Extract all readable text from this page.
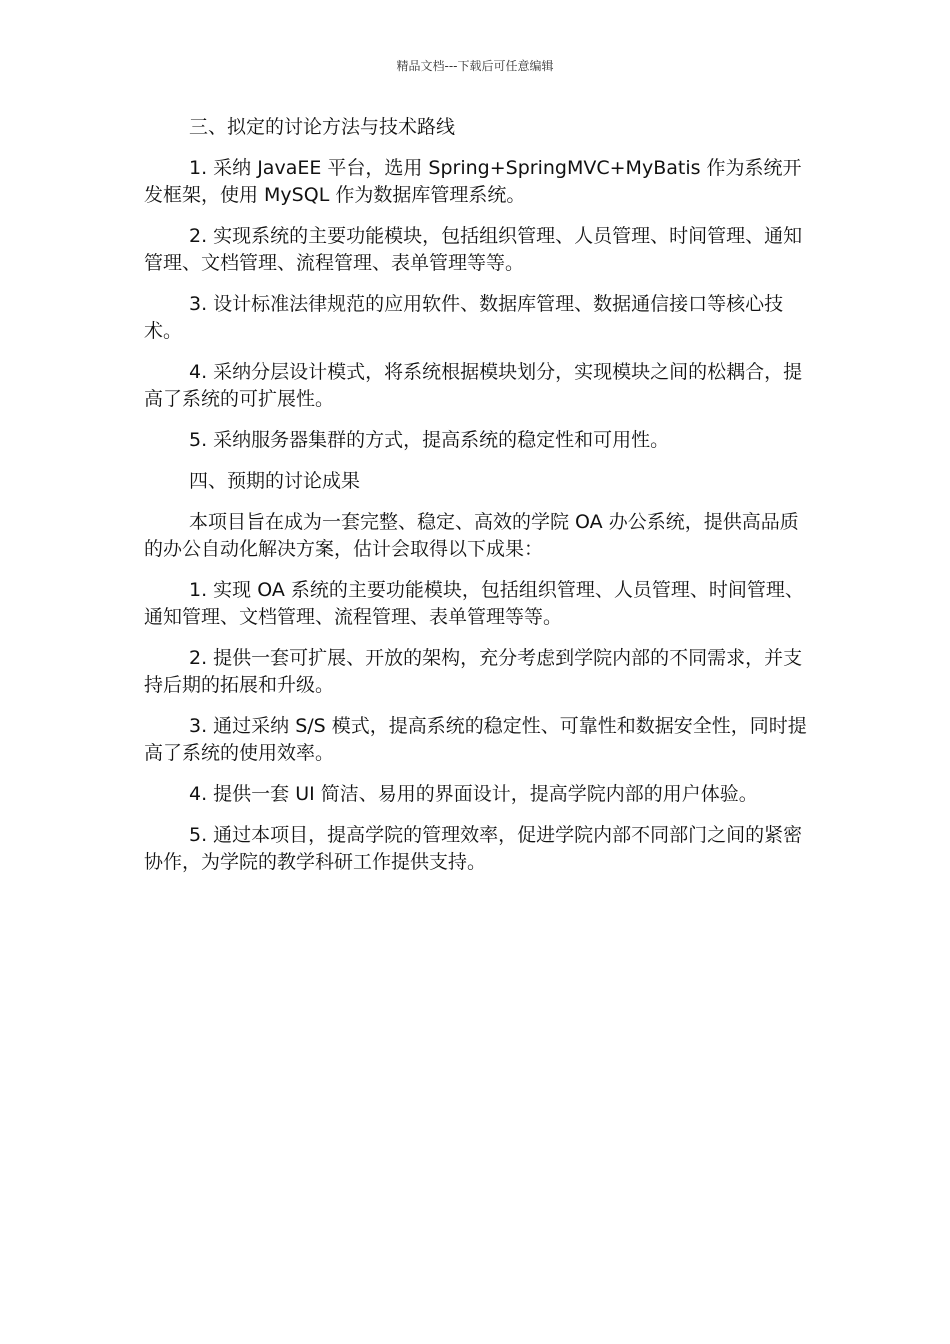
精品文档---下载后可任意编辑

三、拟定的讨论方法与技术路线

1. 采纳 JavaEE 平台，选用 Spring+SpringMVC+MyBatis 作为系统开发框架，使用 MySQL 作为数据库管理系统。

2. 实现系统的主要功能模块，包括组织管理、人员管理、时间管理、通知管理、文档管理、流程管理、表单管理等等。

3. 设计标准法律规范的应用软件、数据库管理、数据通信接口等核心技术。

4. 采纳分层设计模式，将系统根据模块划分，实现模块之间的松耦合，提高了系统的可扩展性。

5. 采纳服务器集群的方式，提高系统的稳定性和可用性。

四、预期的讨论成果

本项目旨在成为一套完整、稳定、高效的学院 OA 办公系统，提供高品质的办公自动化解决方案，估计会取得以下成果：

1. 实现 OA 系统的主要功能模块，包括组织管理、人员管理、时间管理、通知管理、文档管理、流程管理、表单管理等等。

2. 提供一套可扩展、开放的架构，充分考虑到学院内部的不同需求，并支持后期的拓展和升级。

3. 通过采纳 S/S 模式，提高系统的稳定性、可靠性和数据安全性，同时提高了系统的使用效率。

4. 提供一套 UI 简洁、易用的界面设计，提高学院内部的用户体验。

5. 通过本项目，提高学院的管理效率，促进学院内部不同部门之间的紧密协作，为学院的教学科研工作提供支持。
